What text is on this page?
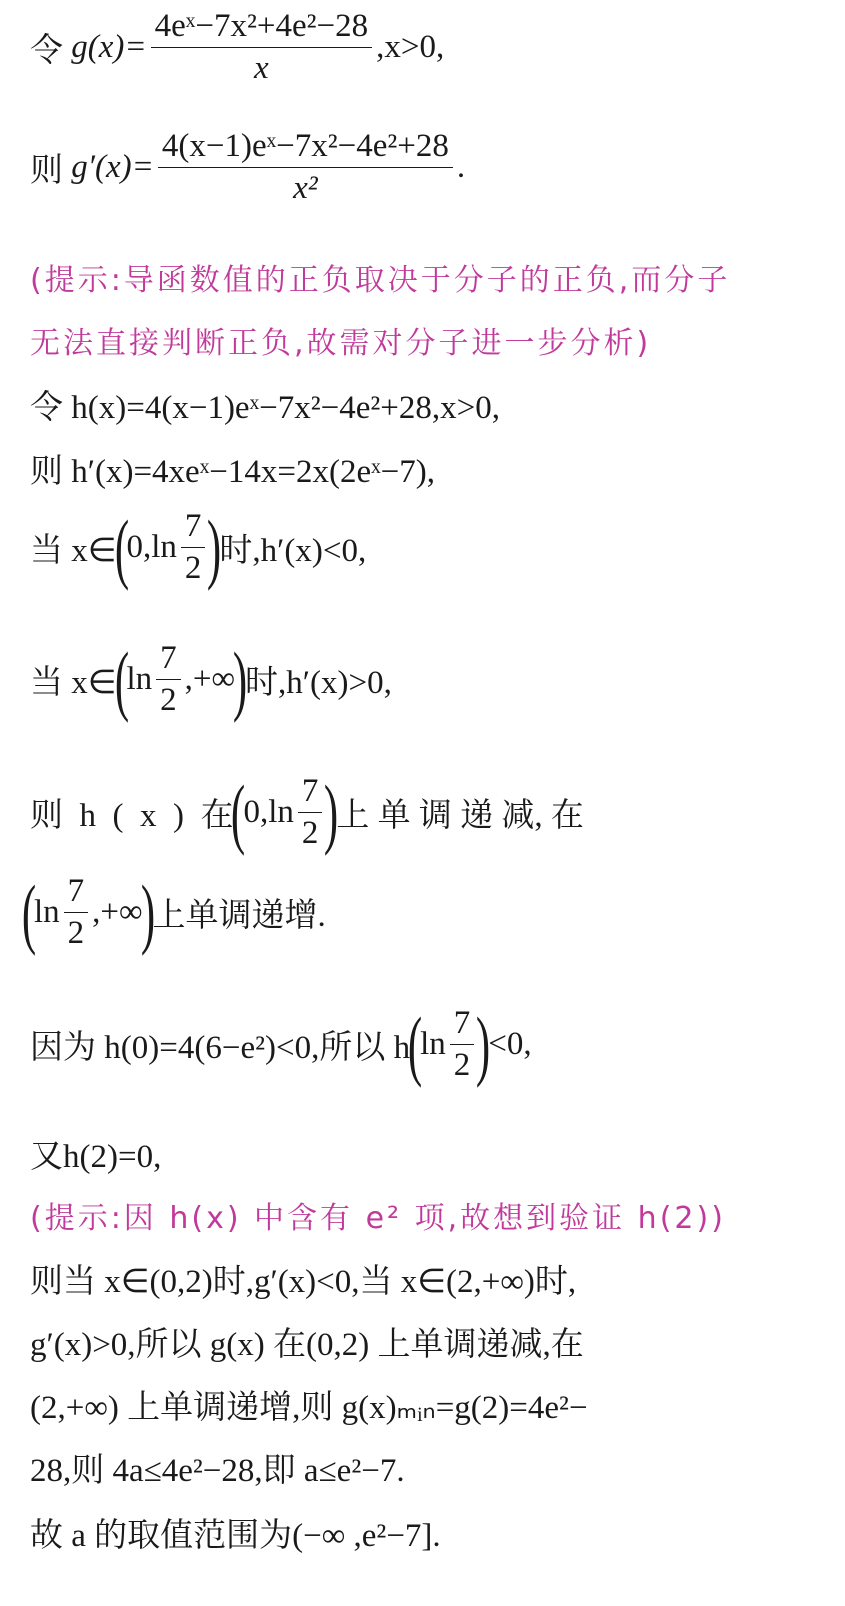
令
$g(x)= \frac{\text{4eˣ−7x²+4e²−28}}{x} ,x>0$,
则
$g'(x)= \frac{\text{4(x−1)eˣ−7x²−4e²+28}}{\text{x²}}$ .
(提示:导函数值的正负取决于分子的正负,而分子
无法直接判断正负,故需对分子进一步分析)
令 h(x)=4(x−1)eˣ−7x²−4e²+28,x>0,
则 h′(x)=4xeˣ−14x=2x(2eˣ−7),
当 x∈
(
$0,\ln \frac{7}{2}$ )
时,h′(x)<0,
当 x∈
(
$\ln \frac{7}{2}$ ,+∞
)
时,h′(x)>0,
则  h  (  x  )  在
(
$0,\ln \frac{7}{2}$ )
上 单 调 递 减, 在
(
$\ln \frac{7}{2}$ ,+∞
)
上单调递增.
因为 h(0)=4(6−e²)<0,所以 h
(
$\ln \frac{7}{2}$ )
<0,
又h(2)=0,
(提示:因 h(x) 中含有 e² 项,故想到验证 h(2))
则当 x∈(0,2)时,g′(x)<0,当 x∈(2,+∞)时,
g′(x)>0,所以 g(x) 在(0,2) 上单调递减,在
(2,+∞) 上单调递增,则 g(x)ₘᵢₙ=g(2)=4e²−
28,则 4a≤4e²−28,即 a≤e²−7.
故 a 的取值范围为(−∞ ,e²−7].
